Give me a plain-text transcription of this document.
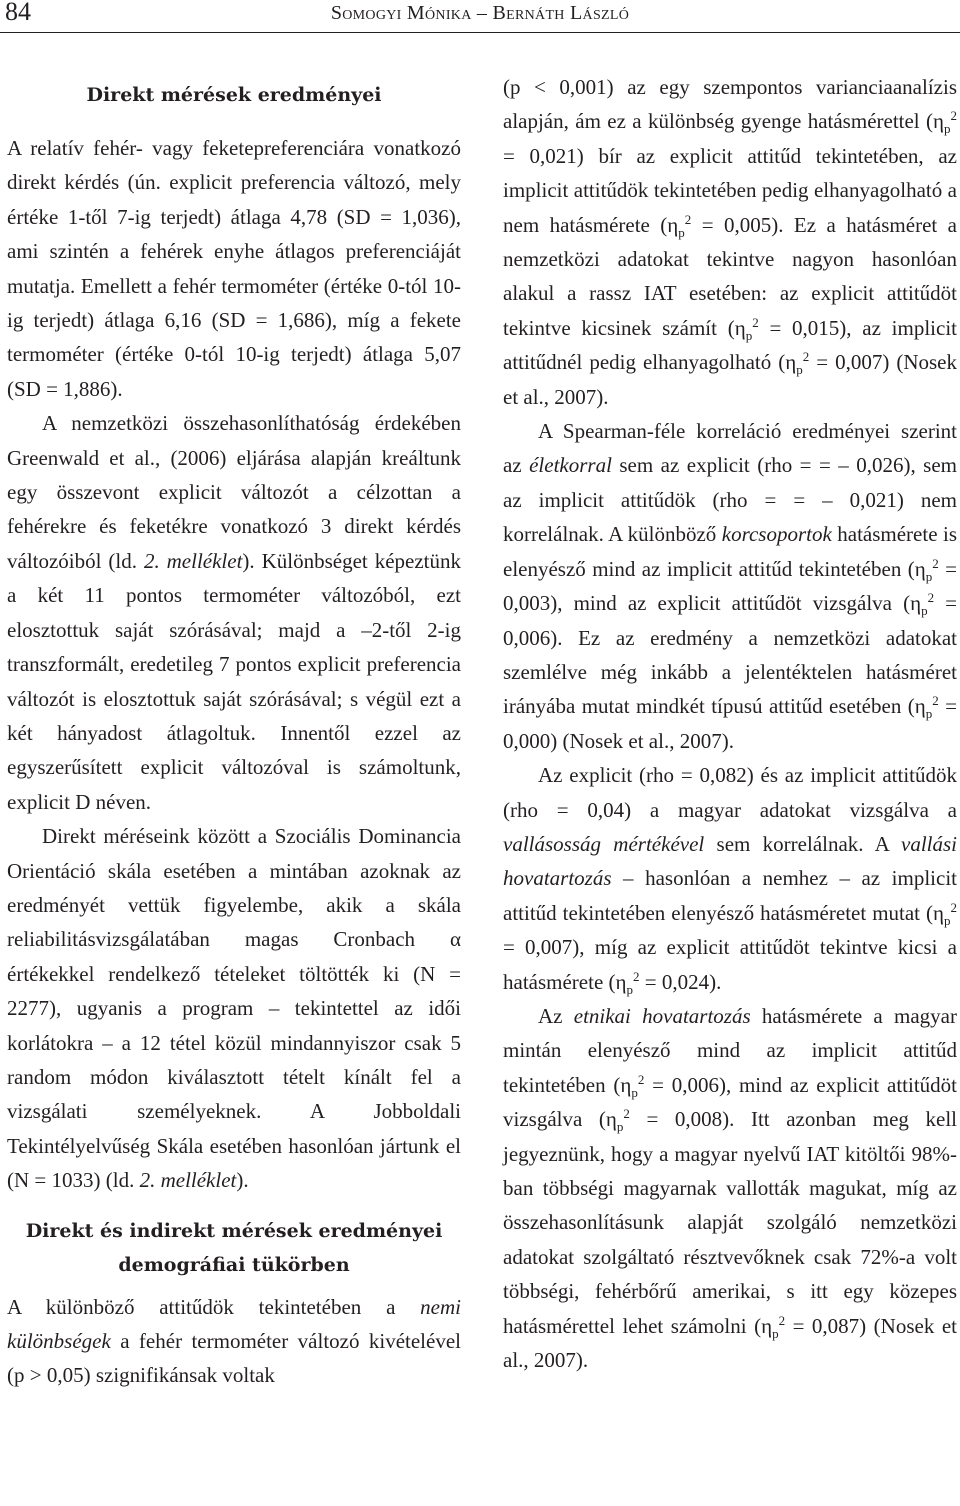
84	Somogyi Mónika – Bernáth László

Direkt mérések eredményei

A relatív fehér- vagy feketepreferenciára vonatkozó direkt kérdés (ún. explicit preferencia változó, mely értéke 1-től 7-ig terjedt) átlaga 4,78 (SD = 1,036), ami szintén a fehérek enyhe átlagos preferenciáját mutatja. Emellett a fehér termométer (értéke 0-tól 10-ig terjedt) átlaga 6,16 (SD = 1,686), míg a fekete termométer (értéke 0-tól 10-ig terjedt) átlaga 5,07 (SD = 1,886).

A nemzetközi összehasonlíthatóság érdekében Greenwald et al., (2006) eljárása alapján kreáltunk egy összevont explicit változót a célzottan a fehérekre és feketékre vonatkozó 3 direkt kérdés változóiból (ld. 2. melléklet). Különbséget képeztünk a két 11 pontos termométer változóból, ezt elosztottuk saját szórásával; majd a –2-től 2-ig transzformált, eredetileg 7 pontos explicit preferencia változót is elosztottuk saját szórásával; s végül ezt a két hányadost átlagoltuk. Innentől ezzel az egyszerűsített explicit változóval is számoltunk, explicit D néven.

Direkt méréseink között a Szociális Dominancia Orientáció skála esetében a mintában azoknak az eredményét vettük figyelembe, akik a skála reliabilitásvizsgálatában magas Cronbach α értékekkel rendelkező tételeket töltötték ki (N = 2277), ugyanis a program – tekintettel az idői korlátokra – a 12 tétel közül mindannyiszor csak 5 random módon kiválasztott tételt kínált fel a vizsgálati személyeknek. A Jobboldali Tekintélyelvűség Skála esetében hasonlóan jártunk el (N = 1033) (ld. 2. melléklet).

Direkt és indirekt mérések eredményei
demográfiai tükörben

A különböző attitűdök tekintetében a nemi különbségek a fehér termométer változó kivételével (p > 0,05) szignifikánsak voltak

(p < 0,001) az egy szempontos varianciaanalízis alapján, ám ez a különbség gyenge hatásmérettel $(\eta_p^2 = 0,021)$ bír az explicit attitűd tekintetében, az implicit attitűdök tekintetében pedig elhanyagolható a nem hatásmérete $(\eta_p^2 = 0,005)$. Ez a hatásméret a nemzetközi adatokat tekintve nagyon hasonlóan alakul a rassz IAT esetében: az explicit attitűdöt tekintve kicsinek számít $(\eta_p^2 = 0,015)$, az implicit attitűdnél pedig elhanyagolható $(\eta_p^2 = 0,007)$ (Nosek et al., 2007).

A Spearman-féle korreláció eredményei szerint az életkorral sem az explicit (rho = = – 0,026), sem az implicit attitűdök (rho = = – 0,021) nem korrelálnak. A különböző korcsoportok hatásmérete is elenyésző mind az implicit attitűd tekintetében $(\eta_p^2 = 0,003)$, mind az explicit attitűdöt vizsgálva $(\eta_p^2 = 0,006)$. Ez az eredmény a nemzetközi adatokat szemlélve még inkább a jelentéktelen hatásméret irányába mutat mindkét típusú attitűd esetében $(\eta_p^2 = 0,000)$ (Nosek et al., 2007).

Az explicit (rho = 0,082) és az implicit attitűdök (rho = 0,04) a magyar adatokat vizsgálva a vallásosság mértékével sem korrelálnak. A vallási hovatartozás – hasonlóan a nemhez – az implicit attitűd tekintetében elenyésző hatásméretet mutat $(\eta_p^2 = 0,007)$, míg az explicit attitűdöt tekintve kicsi a hatásmérete $(\eta_p^2 = 0,024)$.

Az etnikai hovatartozás hatásmérete a magyar mintán elenyésző mind az implicit attitűd tekintetében $(\eta_p^2 = 0,006)$, mind az explicit attitűdöt vizsgálva $(\eta_p^2 = 0,008)$. Itt azonban meg kell jegyeznünk, hogy a magyar nyelvű IAT kitöltői 98%-ban többségi magyarnak vallották magukat, míg az összehasonlításunk alapját szolgáló nemzetközi adatokat szolgáltató résztvevőknek csak 72%-a volt többségi, fehérbőrű amerikai, s itt egy közepes hatásmérettel lehet számolni $(\eta_p^2 = 0,087)$ (Nosek et al., 2007).
